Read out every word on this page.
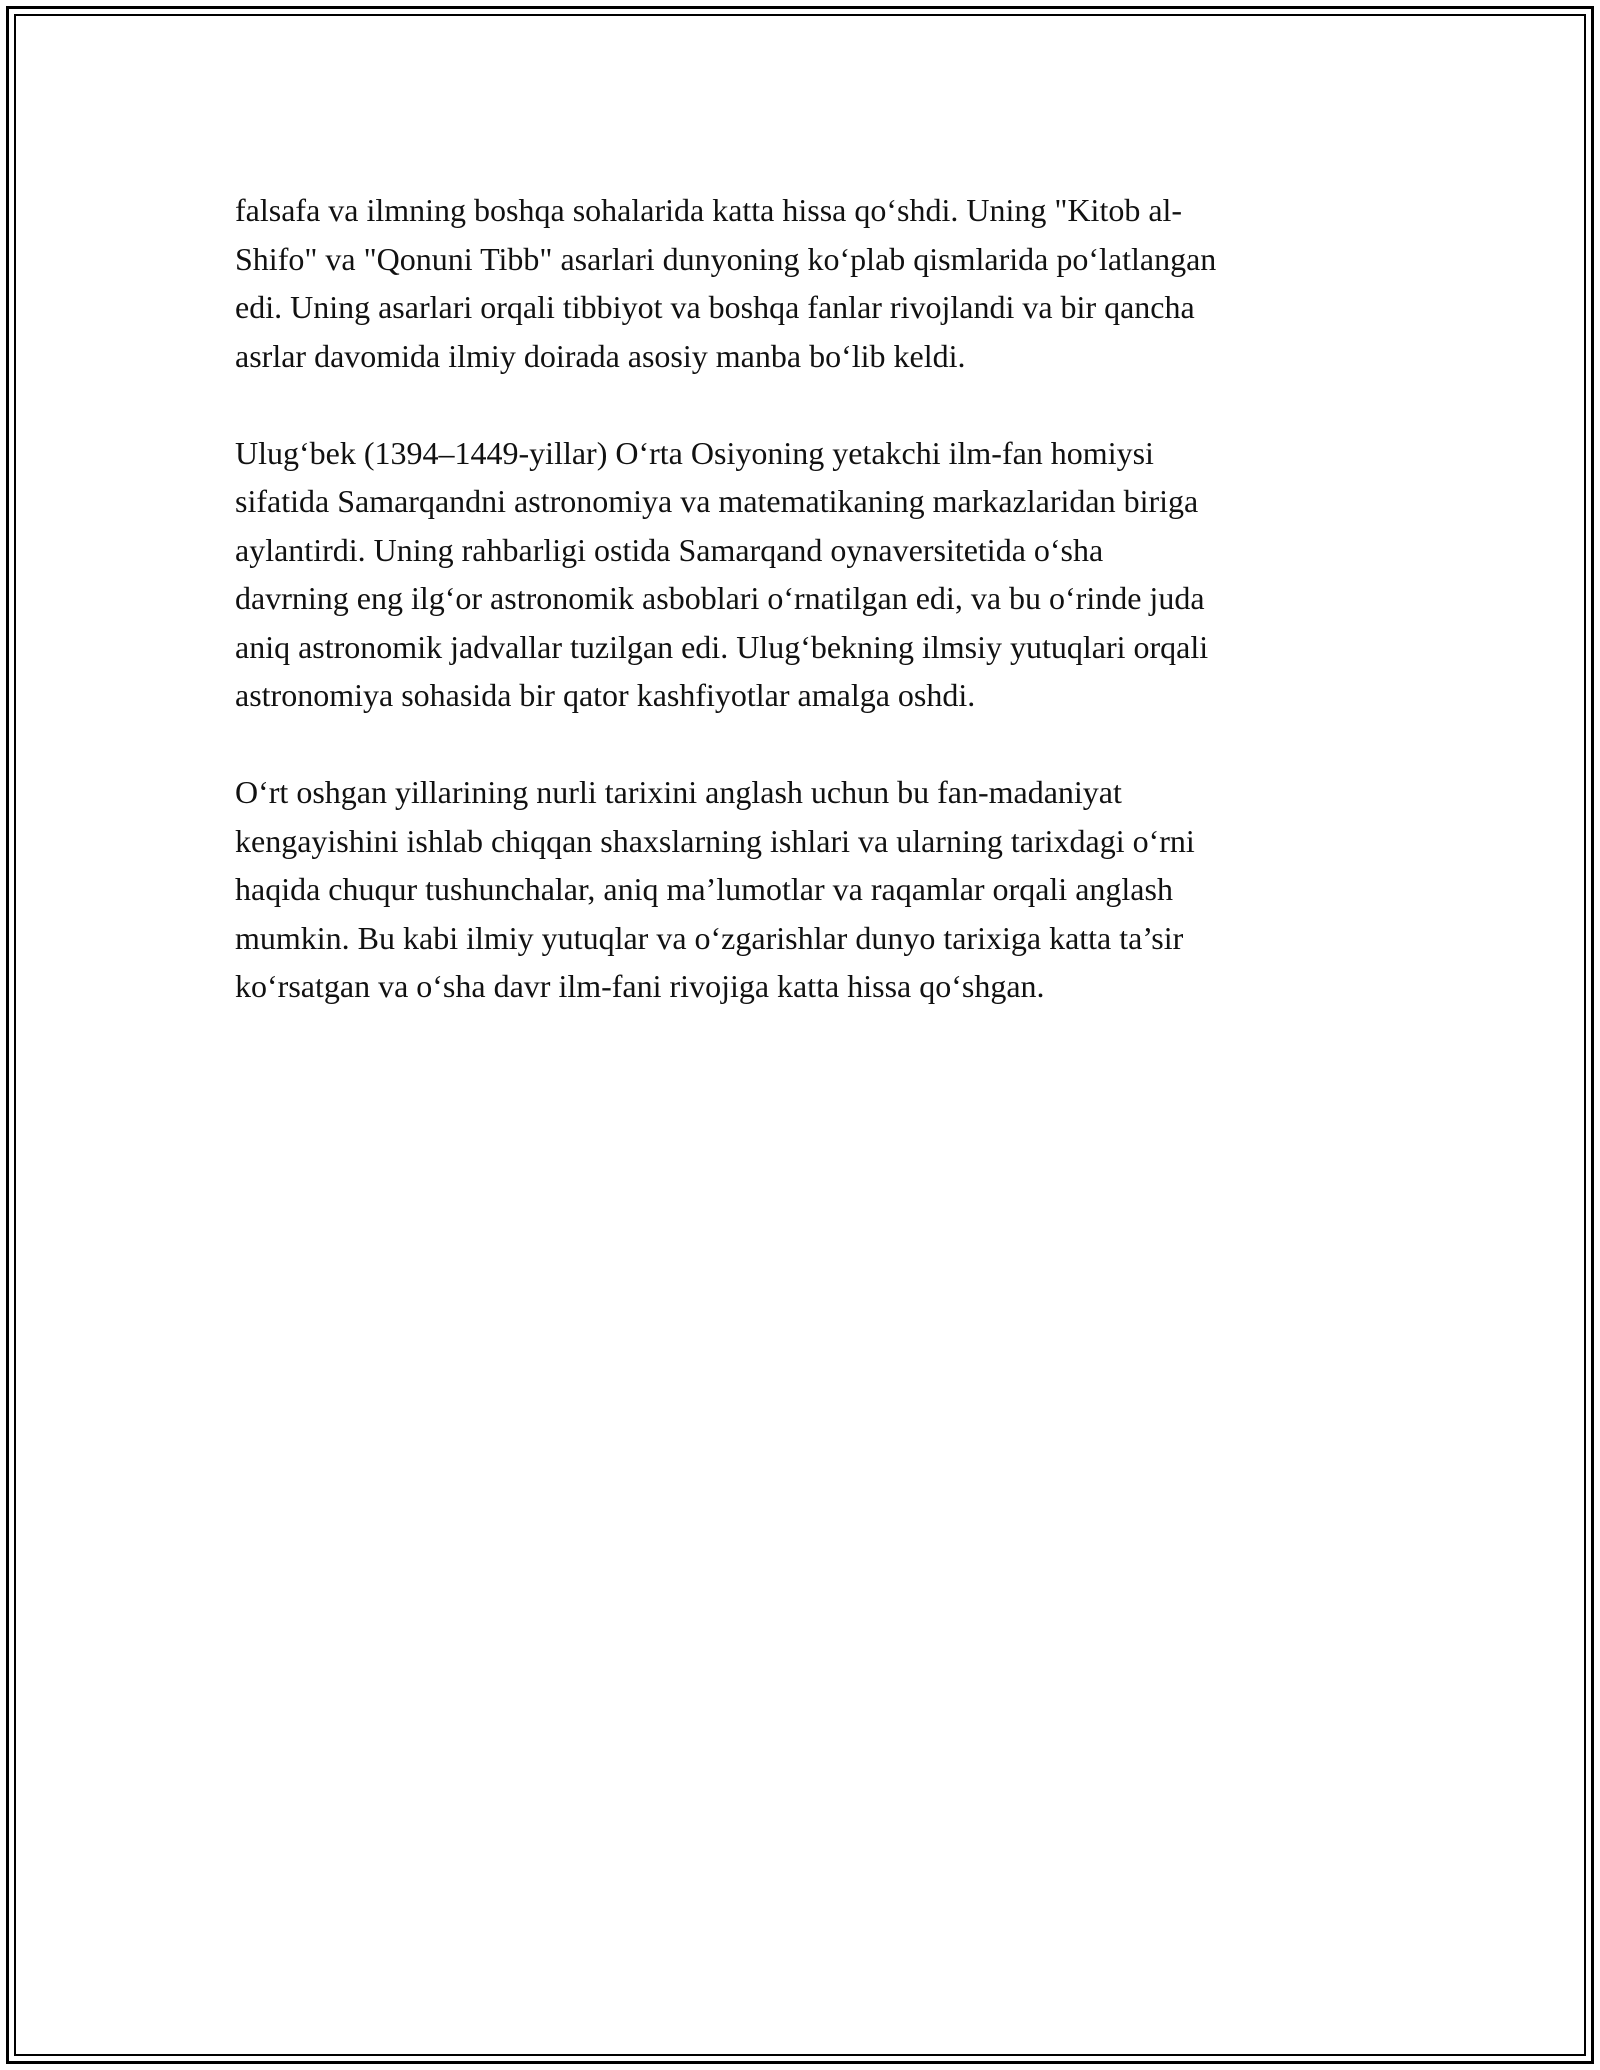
falsafa va ilmning boshqa sohalarida katta hissa qo‘shdi. Uning "Kitob al-
Shifo" va "Qonuni Tibb" asarlari dunyoning ko‘plab qismlarida po‘latlangan
edi. Uning asarlari orqali tibbiyot va boshqa fanlar rivojlandi va bir qancha
asrlar davomida ilmiy doirada asosiy manba bo‘lib keldi.

Ulug‘bek (1394–1449-yillar) O‘rta Osiyoning yetakchi ilm-fan homiysi
sifatida Samarqandni astronomiya va matematikaning markazlaridan biriga
aylantirdi. Uning rahbarligi ostida Samarqand oynaversitetida o‘sha
davrning eng ilg‘or astronomik asboblari o‘rnatilgan edi, va bu o‘rinde juda
aniq astronomik jadvallar tuzilgan edi. Ulug‘bekning ilmsiy yutuqlari orqali
astronomiya sohasida bir qator kashfiyotlar amalga oshdi.

O‘rt oshgan yillarining nurli tarixini anglash uchun bu fan-madaniyat
kengayishini ishlab chiqqan shaxslarning ishlari va ularning tarixdagi o‘rni
haqida chuqur tushunchalar, aniq ma’lumotlar va raqamlar orqali anglash
mumkin. Bu kabi ilmiy yutuqlar va o‘zgarishlar dunyo tarixiga katta ta’sir
ko‘rsatgan va o‘sha davr ilm-fani rivojiga katta hissa qo‘shgan.
